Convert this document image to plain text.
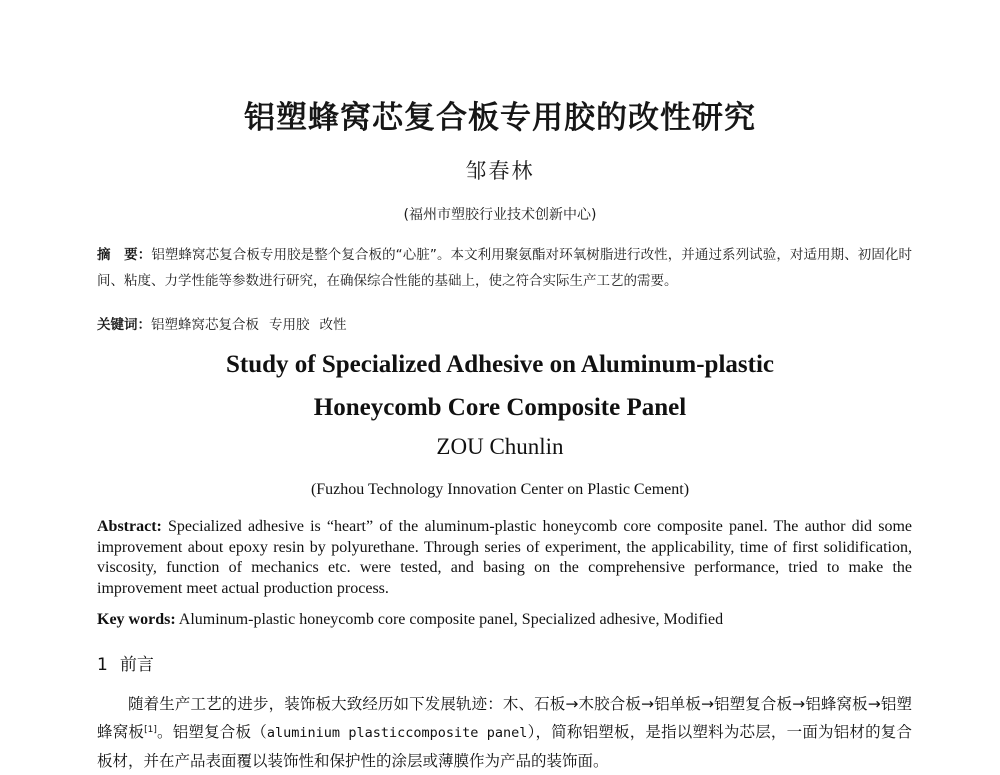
铝塑蜂窝芯复合板专用胶的改性研究
邹春林
(福州市塑胶行业技术创新中心)
摘　要：铝塑蜂窝芯复合板专用胶是整个复合板的“心脏”。本文利用聚氨酯对环氧树脂进行改性，并通过系列试验，对适用期、初固化时间、粘度、力学性能等参数进行研究，在确保综合性能的基础上，使之符合实际生产工艺的需要。
关键词：铝塑蜂窝芯复合板 专用胶 改性
Study of Specialized Adhesive on Aluminum-plastic
Honeycomb Core Composite Panel
ZOU Chunlin
(Fuzhou Technology Innovation Center on Plastic Cement)
Abstract: Specialized adhesive is “heart” of the aluminum-plastic honeycomb core composite panel. The author did some improvement about epoxy resin by polyurethane. Through series of experiment, the applicability, time of first solidification, viscosity, function of mechanics etc. were tested, and basing on the comprehensive performance, tried to make the improvement meet actual production process.
Key words: Aluminum-plastic honeycomb core composite panel, Specialized adhesive, Modified
1 前言
随着生产工艺的进步，装饰板大致经历如下发展轨迹：木、石板→木胶合板→铝单板→铝塑复合板→铝蜂窝板→铝塑蜂窝板[1]。铝塑复合板（aluminium plasticcomposite panel），简称铝塑板，是指以塑料为芯层，一面为铝材的复合板材，并在产品表面覆以装饰性和保护性的涂层或薄膜作为产品的装饰面。
